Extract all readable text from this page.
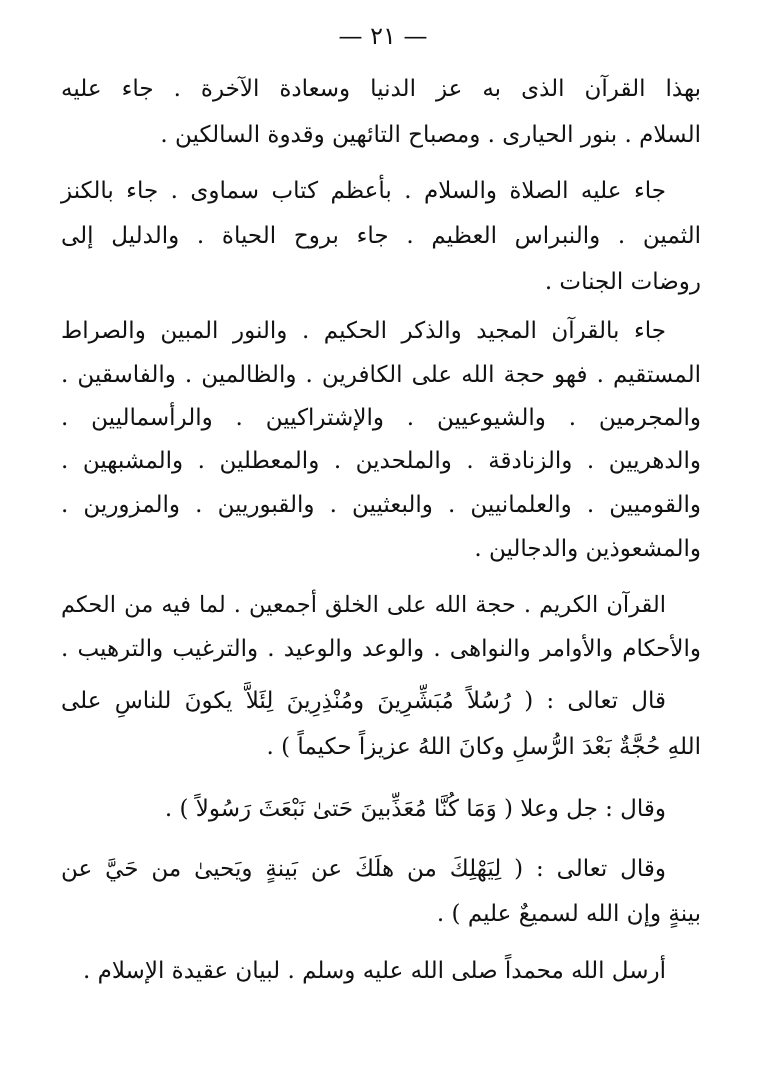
— ٢١ —
بهذا القرآن الذى به عز الدنيا وسعادة الآخرة . جاء عليه
السلام . بنور الحيارى . ومصباح التائهين وقدوة السالكين .
جاء عليه الصلاة والسلام . بأعظم كتاب سماوى . جاء بالكنز
الثمين . والنبراس العظيم . جاء بروح الحياة . والدليل إلى
روضات الجنات .
جاء بالقرآن المجيد والذكر الحكيم . والنور المبين والصراط
المستقيم . فهو حجة الله على الكافرين . والظالمين . والفاسقين .
والمجرمين . والشيوعيين . والإشتراكيين . والرأسماليين .
والدهريين . والزنادقة . والملحدين . والمعطلين . والمشبهين .
والقوميين . والعلمانيين . والبعثيين . والقبوريين . والمزورين .
والمشعوذين والدجالين .
القرآن الكريم . حجة الله على الخلق أجمعين . لما فيه من الحكم
والأحكام والأوامر والنواهى . والوعد والوعيد . والترغيب والترهيب .
قال تعالى : ( رُسُلاً مُبَشِّرِينَ ومُنْذِرِينَ لِئَلاَّ يكونَ للناسِ على
اللهِ حُجَّةٌ بَعْدَ الرُّسلِ وكانَ اللهُ عزيزاً حكيماً ) .
وقال : جل وعلا ( وَمَا كُنَّا مُعَذِّبينَ حَتىٰ نَبْعَثَ رَسُولاً ) .
وقال تعالى : ( لِيَهْلِكَ من هلَكَ عن بَينةٍ ويَحيىٰ من حَيَّ عن
بينةٍ وإن الله لسميعٌ عليم ) .
أرسل الله محمداً صلى الله عليه وسلم . لبيان عقيدة الإسلام .
